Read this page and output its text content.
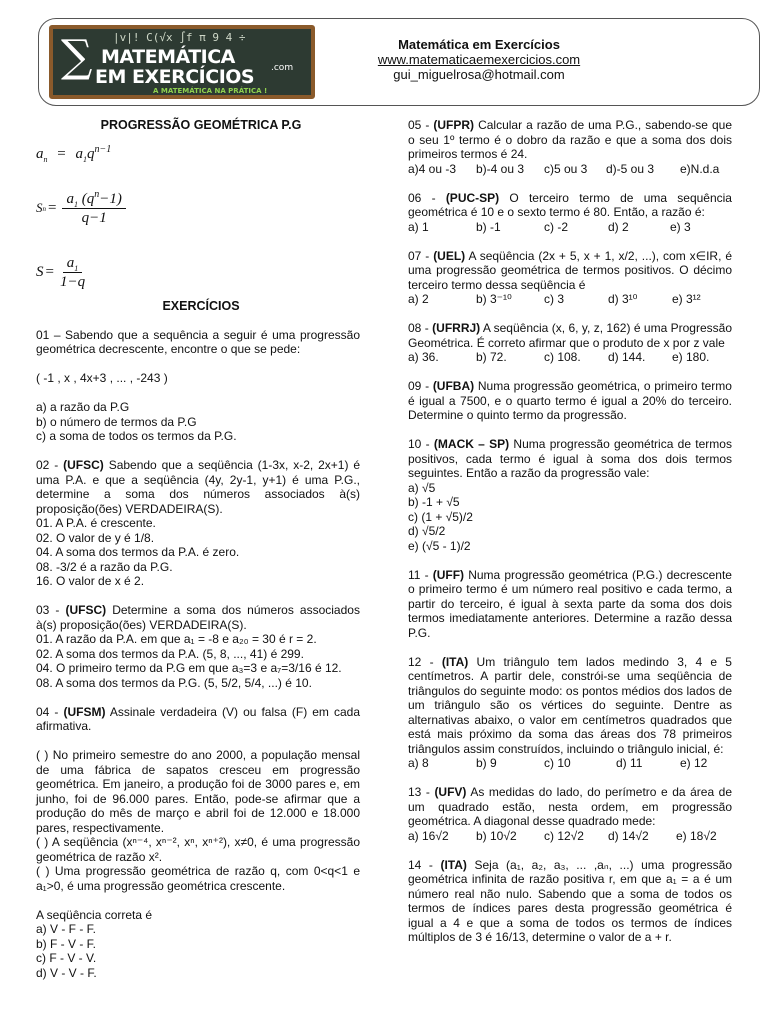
∑ |v|! C(√x ∫f π 9 4 ÷
MATEMÁTICA
EM EXERCÍCIOS .com
A MATEMÁTICA NA PRÁTICA !
Matemática em Exercícios
www.matematicaemexercicios.com
gui_miguelrosa@hotmail.com
PROGRESSÃO GEOMÉTRICA P.G
$a_n = a_1q^{n-1}$
S $n = \frac{a_1 (q^n-1)}{q-1}$
$S = \frac{a_1}{1-q}$
EXERCÍCIOS

01 – Sabendo que a sequência a seguir é uma progressão geométrica decrescente, encontre o que se pede:

( -1 , x , 4x+3 , ... , -243 )

a) a razão da P.G

b) o número de termos da P.G

c) a soma de todos os termos da P.G.

02 - (UFSC) Sabendo que a seqüência (1-3x, x-2, 2x+1) é uma P.A. e que a seqüência (4y, 2y-1, y+1) é uma P.G., determine a soma dos números associados à(s) proposição(ões) VERDADEIRA(S).

01. A P.A. é crescente.

02. O valor de y é 1/8.

04. A soma dos termos da P.A. é zero.

08. -3/2 é a razão da P.G.

16. O valor de x é 2.

03 - (UFSC) Determine a soma dos números associados à(s) proposição(ões) VERDADEIRA(S).

01. A razão da P.A. em que a₁ = -8 e a₂₀ = 30 é r = 2.

02. A soma dos termos da P.A. (5, 8, ..., 41) é 299.

04. O primeiro termo da P.G em que a₃=3 e a₇=3/16 é 12.

08. A soma dos termos da P.G. (5, 5/2, 5/4, ...) é 10.

04 - (UFSM) Assinale verdadeira (V) ou falsa (F) em cada afirmativa.

( ) No primeiro semestre do ano 2000, a população mensal de uma fábrica de sapatos cresceu em progressão geométrica. Em janeiro, a produção foi de 3000 pares e, em junho, foi de 96.000 pares. Então, pode-se afirmar que a produção do mês de março e abril foi de 12.000 e 18.000 pares, respectivamente.

( ) A seqüência (xⁿ⁻⁴, xⁿ⁻², xⁿ, xⁿ⁺²), x≠0, é uma progressão geométrica de razão x².

( ) Uma progressão geométrica de razão q, com 0<q<1 e a₁>0, é uma progressão geométrica crescente.

A seqüência correta é

a) V - F - F.

b) F - V - F.

c) F - V - V.

d) V - V - F.

05 - (UFPR) Calcular a razão de uma P.G., sabendo-se que o seu 1º termo é o dobro da razão e que a soma dos dois primeiros termos é 24.

a)4 ou -3	b)-4 ou 3	c)5 ou 3	d)-5 ou 3	e)N.d.a

06 - (PUC-SP) O terceiro termo de uma sequência geométrica é 10 e o sexto termo é 80. Então, a razão é:

a) 1	b) -1	c) -2	d) 2	e) 3

07 - (UEL) A seqüência (2x + 5, x + 1, x/2, ...), com x∈IR, é uma progressão geométrica de termos positivos. O décimo terceiro termo dessa seqüência é

a) 2	b) 3⁻¹⁰	c) 3	d) 3¹⁰	e) 3¹²

08 - (UFRRJ) A seqüência (x, 6, y, z, 162) é uma Progressão Geométrica. É correto afirmar que o produto de x por z vale

a) 36.	b) 72.	c) 108.	d) 144.	e) 180.

09 - (UFBA) Numa progressão geométrica, o primeiro termo é igual a 7500, e o quarto termo é igual a 20% do terceiro. Determine o quinto termo da progressão.

10 - (MACK – SP) Numa progressão geométrica de termos positivos, cada termo é igual à soma dos dois termos seguintes. Então a razão da progressão vale:

a) √5

b) -1 + √5

c) (1 + √5)/2

d) √5/2

e) (√5 - 1)/2

11 - (UFF) Numa progressão geométrica (P.G.) decrescente o primeiro termo é um número real positivo e cada termo, a partir do terceiro, é igual à sexta parte da soma dos dois termos imediatamente anteriores. Determine a razão dessa P.G.

12 - (ITA) Um triângulo tem lados medindo 3, 4 e 5 centímetros. A partir dele, constrói-se uma seqüência de triângulos do seguinte modo: os pontos médios dos lados de um triângulo são os vértices do seguinte. Dentre as alternativas abaixo, o valor em centímetros quadrados que está mais próximo da soma das áreas dos 78 primeiros triângulos assim construídos, incluindo o triângulo inicial, é:

a) 8	b) 9	c) 10	d) 11	e) 12

13 - (UFV) As medidas do lado, do perímetro e da área de um quadrado estão, nesta ordem, em progressão geométrica. A diagonal desse quadrado mede:

a) 16√2	b) 10√2	c) 12√2	d) 14√2	e) 18√2

14 - (ITA) Seja (a₁, a₂, a₃, ... ,aₙ, ...) uma progressão geométrica infinita de razão positiva r, em que a₁ = a é um número real não nulo. Sabendo que a soma de todos os termos de índices pares desta progressão geométrica é igual a 4 e que a soma de todos os termos de índices múltiplos de 3 é 16/13, determine o valor de a + r.
